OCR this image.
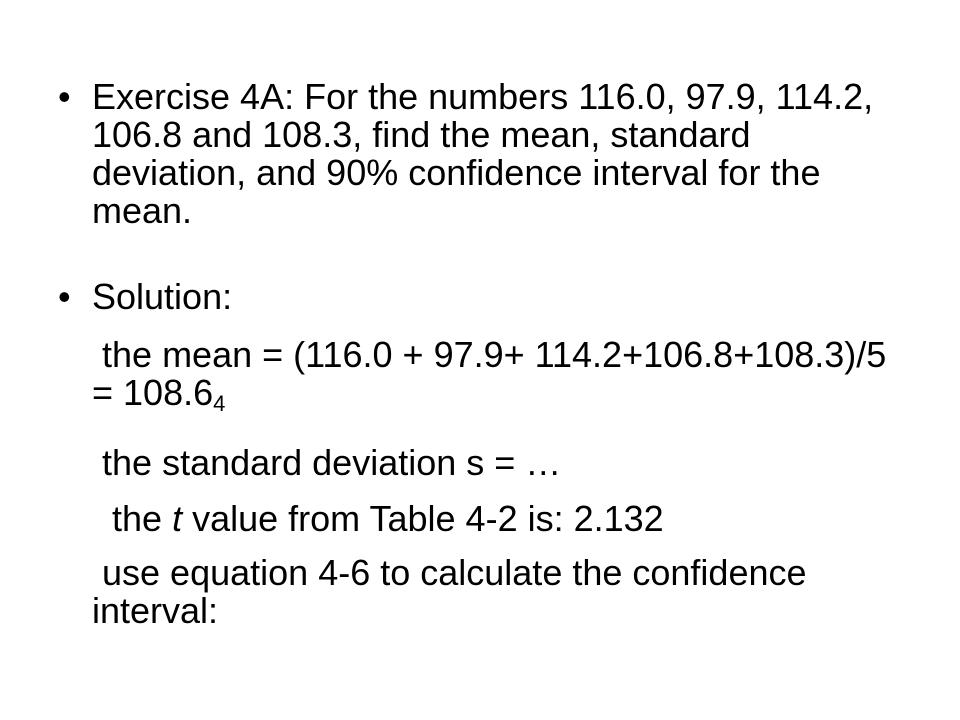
• Exercise 4A: For the numbers 116.0, 97.9, 114.2, 106.8 and 108.3, find the mean, standard deviation, and 90% confidence interval for the mean.
• Solution:
the mean = $(116.0 + 97.9+ 114.2+106.8+108.3)/5 = 108.6_4$
the standard deviation s = …
the t value from Table 4-2 is: 2.132
use equation 4-6 to calculate the confidence interval:
